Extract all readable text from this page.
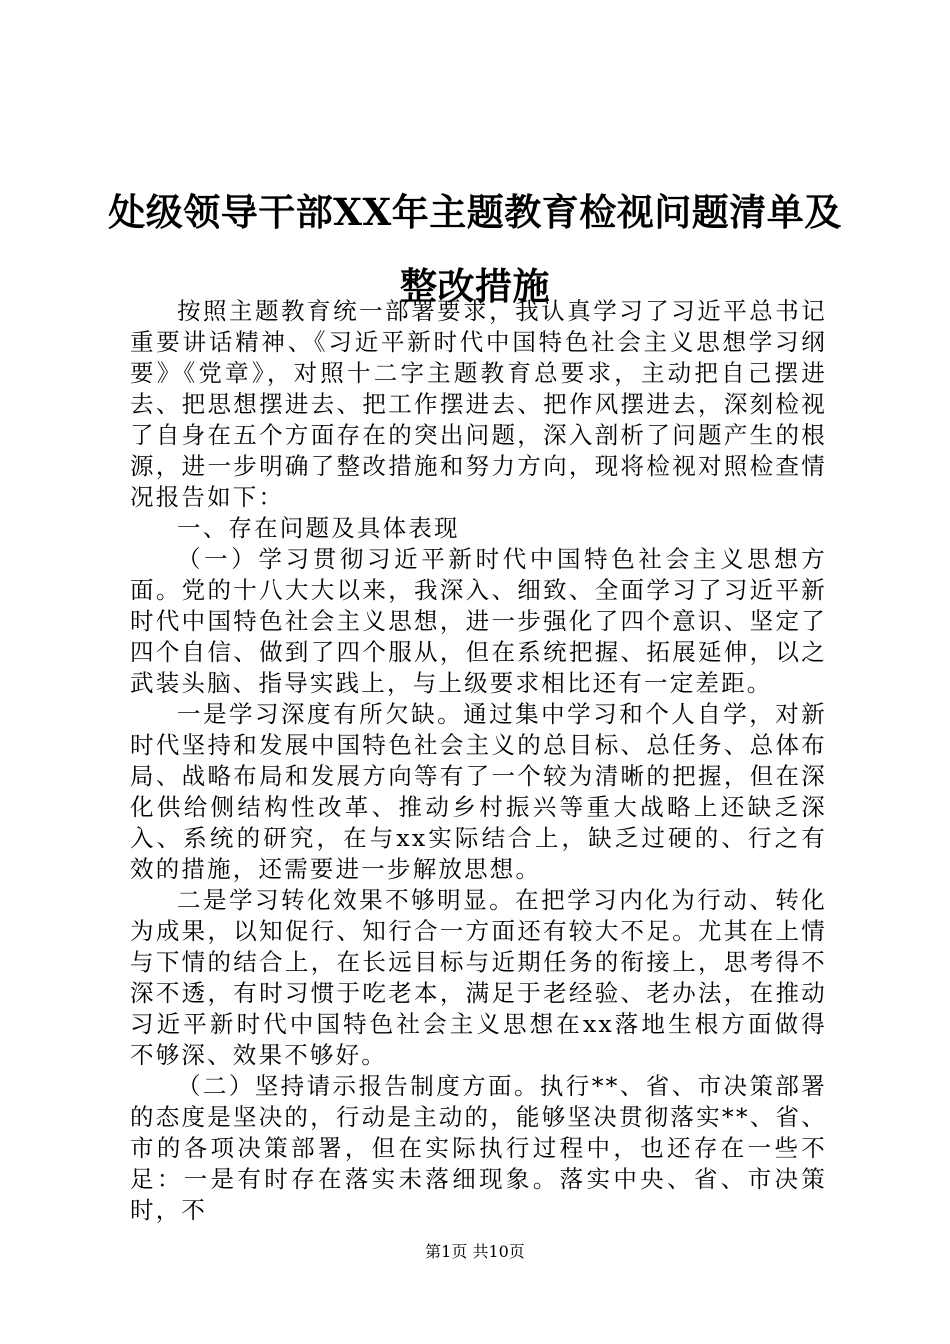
处级领导干部XX年主题教育检视问题清单及整改措施

按照主题教育统一部署要求，我认真学习了习近平总书记重要讲话精神、《习近平新时代中国特色社会主义思想学习纲要》《党章》，对照十二字主题教育总要求，主动把自己摆进去、把思想摆进去、把工作摆进去、把作风摆进去，深刻检视了自身在五个方面存在的突出问题，深入剖析了问题产生的根源，进一步明确了整改措施和努力方向，现将检视对照检查情况报告如下：

一、存在问题及具体表现

（一）学习贯彻习近平新时代中国特色社会主义思想方面。党的十八大大以来，我深入、细致、全面学习了习近平新时代中国特色社会主义思想，进一步强化了四个意识、坚定了四个自信、做到了四个服从，但在系统把握、拓展延伸，以之武装头脑、指导实践上，与上级要求相比还有一定差距。

一是学习深度有所欠缺。通过集中学习和个人自学，对新时代坚持和发展中国特色社会主义的总目标、总任务、总体布局、战略布局和发展方向等有了一个较为清晰的把握，但在深化供给侧结构性改革、推动乡村振兴等重大战略上还缺乏深入、系统的研究，在与xx实际结合上，缺乏过硬的、行之有效的措施，还需要进一步解放思想。

二是学习转化效果不够明显。在把学习内化为行动、转化为成果，以知促行、知行合一方面还有较大不足。尤其在上情与下情的结合上，在长远目标与近期任务的衔接上，思考得不深不透，有时习惯于吃老本，满足于老经验、老办法，在推动习近平新时代中国特色社会主义思想在xx落地生根方面做得不够深、效果不够好。

（二）坚持请示报告制度方面。执行**、省、市决策部署的态度是坚决的，行动是主动的，能够坚决贯彻落实**、省、市的各项决策部署，但在实际执行过程中，也还存在一些不足：一是有时存在落实未落细现象。落实中央、省、市决策时，不

第1页 共10页
